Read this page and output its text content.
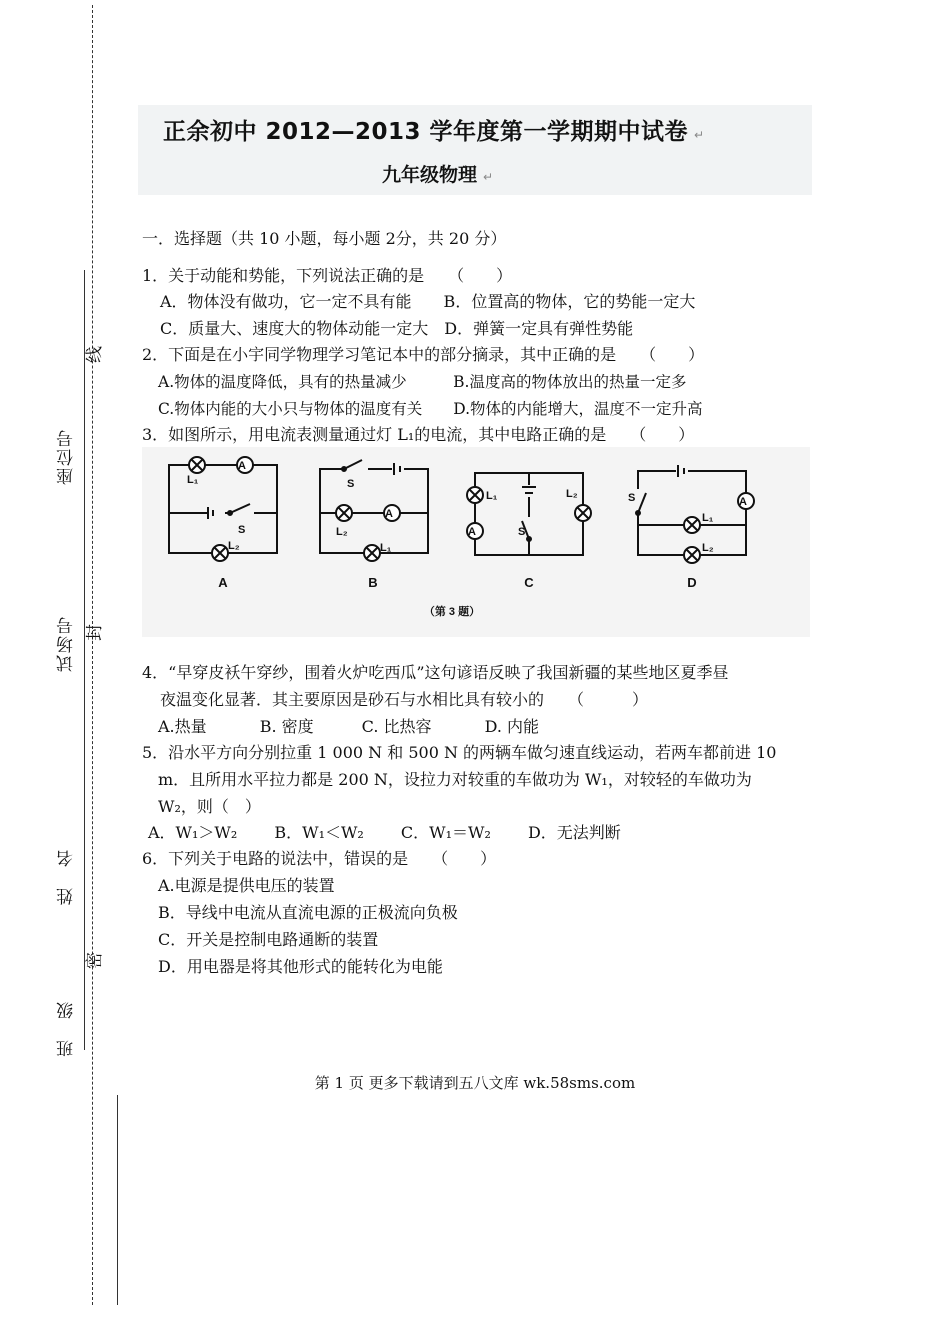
线
封
密
座位号
试场号
姓　名
班　级
正余初中 2012—2013 学年度第一学期期中试卷 ↵
九年级物理 ↵
一．选择题（共 10 小题，每小题 2分，共 20 分）
1．关于动能和势能，下列说法正确的是　　（　　）
A．物体没有做功，它一定不具有能　　B．位置高的物体，它的势能一定大
C．质量大、速度大的物体动能一定大　D．弹簧一定具有弹性势能
2．下面是在小宇同学物理学习笔记本中的部分摘录，其中正确的是　　（　　）
A.物体的温度降低，具有的热量减少　　　B.温度高的物体放出的热量一定多
C.物体内能的大小只与物体的温度有关　　D.物体的内能增大，温度不一定升高
3．如图所示，用电流表测量通过灯 L₁的电流，其中电路正确的是　　（　　）
A
L₁
S
L₂
S
A
L₂
L₁
L₁
A	S
L₂	S	A
L₁
L₂
A	B	C	D
（第 3 题）
4．“早穿皮袄午穿纱，围着火炉吃西瓜”这句谚语反映了我国新疆的某些地区夏季昼
夜温变化显著．其主要原因是砂石与水相比具有较小的　　（　　　）
A.热量　　　 B. 密度　　　C. 比热容　　　 D. 内能
5．沿水平方向分别拉重 1 000 N 和 500 N 的两辆车做匀速直线运动，若两车都前进 10
m．且所用水平拉力都是 200 N，设拉力对较重的车做功为 W₁，对较轻的车做功为
W₂，则（　）
A．W₁＞W₂　　 B．W₁＜W₂　　 C．W₁＝W₂　　 D．无法判断
6．下列关于电路的说法中，错误的是　　（　　）
A.电源是提供电压的装置
B．导线中电流从直流电源的正极流向负极
C．开关是控制电路通断的装置
D．用电器是将其他形式的能转化为电能
第 1 页 更多下载请到五八文库 wk.58sms.com
